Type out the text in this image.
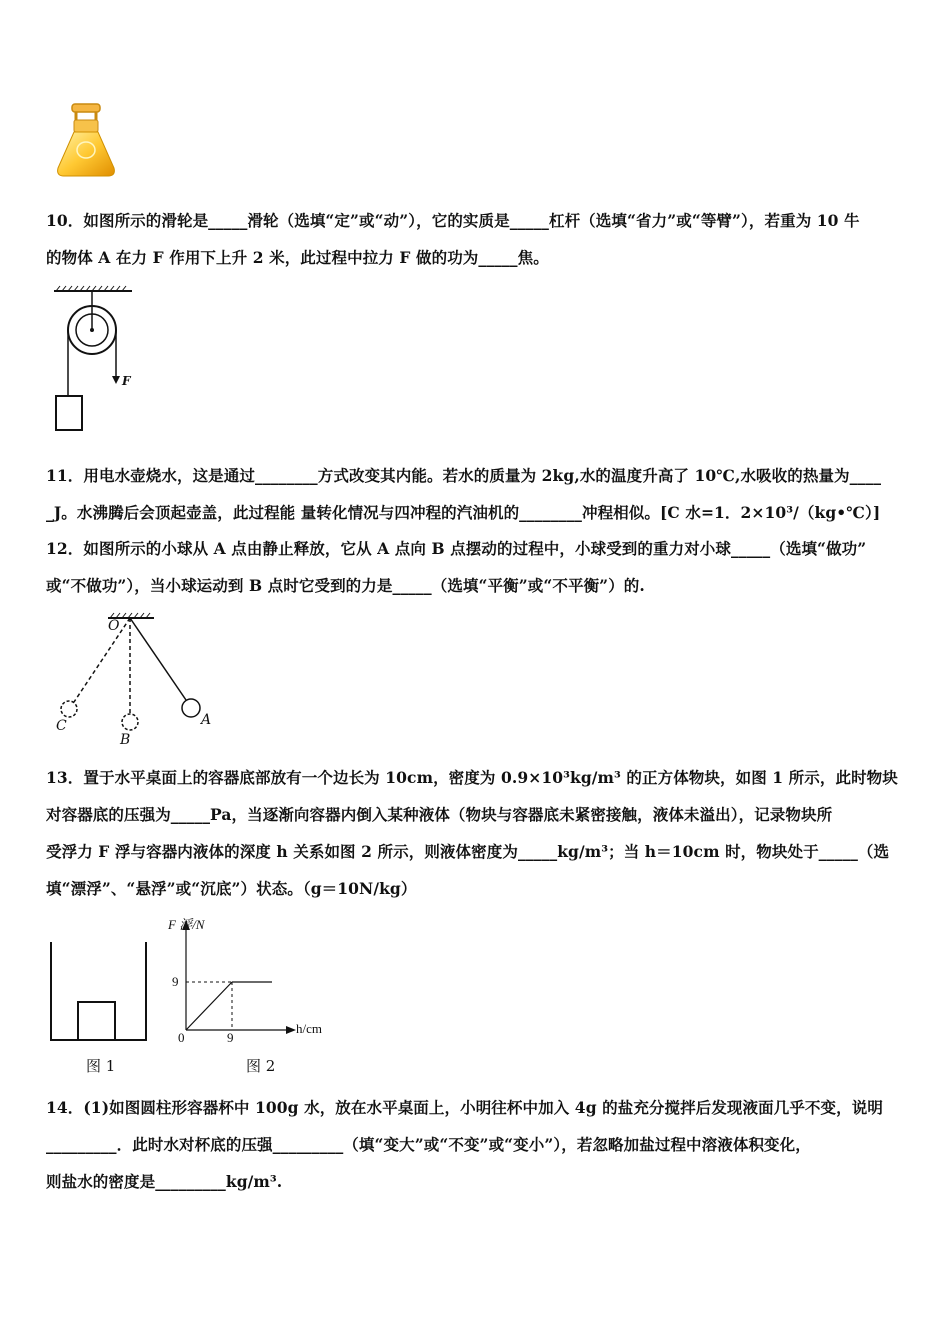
10．如图所示的滑轮是_____滑轮（选填“定”或“动”），它的实质是_____杠杆（选填“省力”或“等臂”），若重为 10 牛
的物体 A 在力 F 作用下上升 2 米，此过程中拉力 F 做的功为_____焦。
F
11．用电水壶烧水，这是通过________方式改变其内能。若水的质量为 2kg,水的温度升高了 10℃,水吸收的热量为____
_J。水沸腾后会顶起壶盖，此过程能 量转化情况与四冲程的汽油机的________冲程相似。[C 水=1．2×10³/（kg•℃）]
12．如图所示的小球从 A 点由静止释放，它从 A 点向 B 点摆动的过程中，小球受到的重力对小球_____（选填“做功”
或“不做功”），当小球运动到 B 点时它受到的力是_____（选填“平衡”或“不平衡”）的.
O
A
B
C
13．置于水平桌面上的容器底部放有一个边长为 10cm，密度为 0.9×10³kg/m³ 的正方体物块，如图 1 所示，此时物块
对容器底的压强为_____Pa，当逐渐向容器内倒入某种液体（物块与容器底未紧密接触，液体未溢出），记录物块所
受浮力 F 浮与容器内液体的深度 h 关系如图 2 所示，则液体密度为_____kg/m³；当 h＝10cm 时，物块处于_____（选
填“漂浮”、“悬浮”或“沉底”）状态。（g＝10N/kg）
图 1
F 浮/N
h/cm
0
9
9
图 2
14．(1)如图圆柱形容器杯中 100g 水，放在水平桌面上，小明往杯中加入 4g 的盐充分搅拌后发现液面几乎不变，说明
_________．此时水对杯底的压强_________（填“变大”或“不变”或“变小”），若忽略加盐过程中溶液体积变化，
则盐水的密度是_________kg/m³.
